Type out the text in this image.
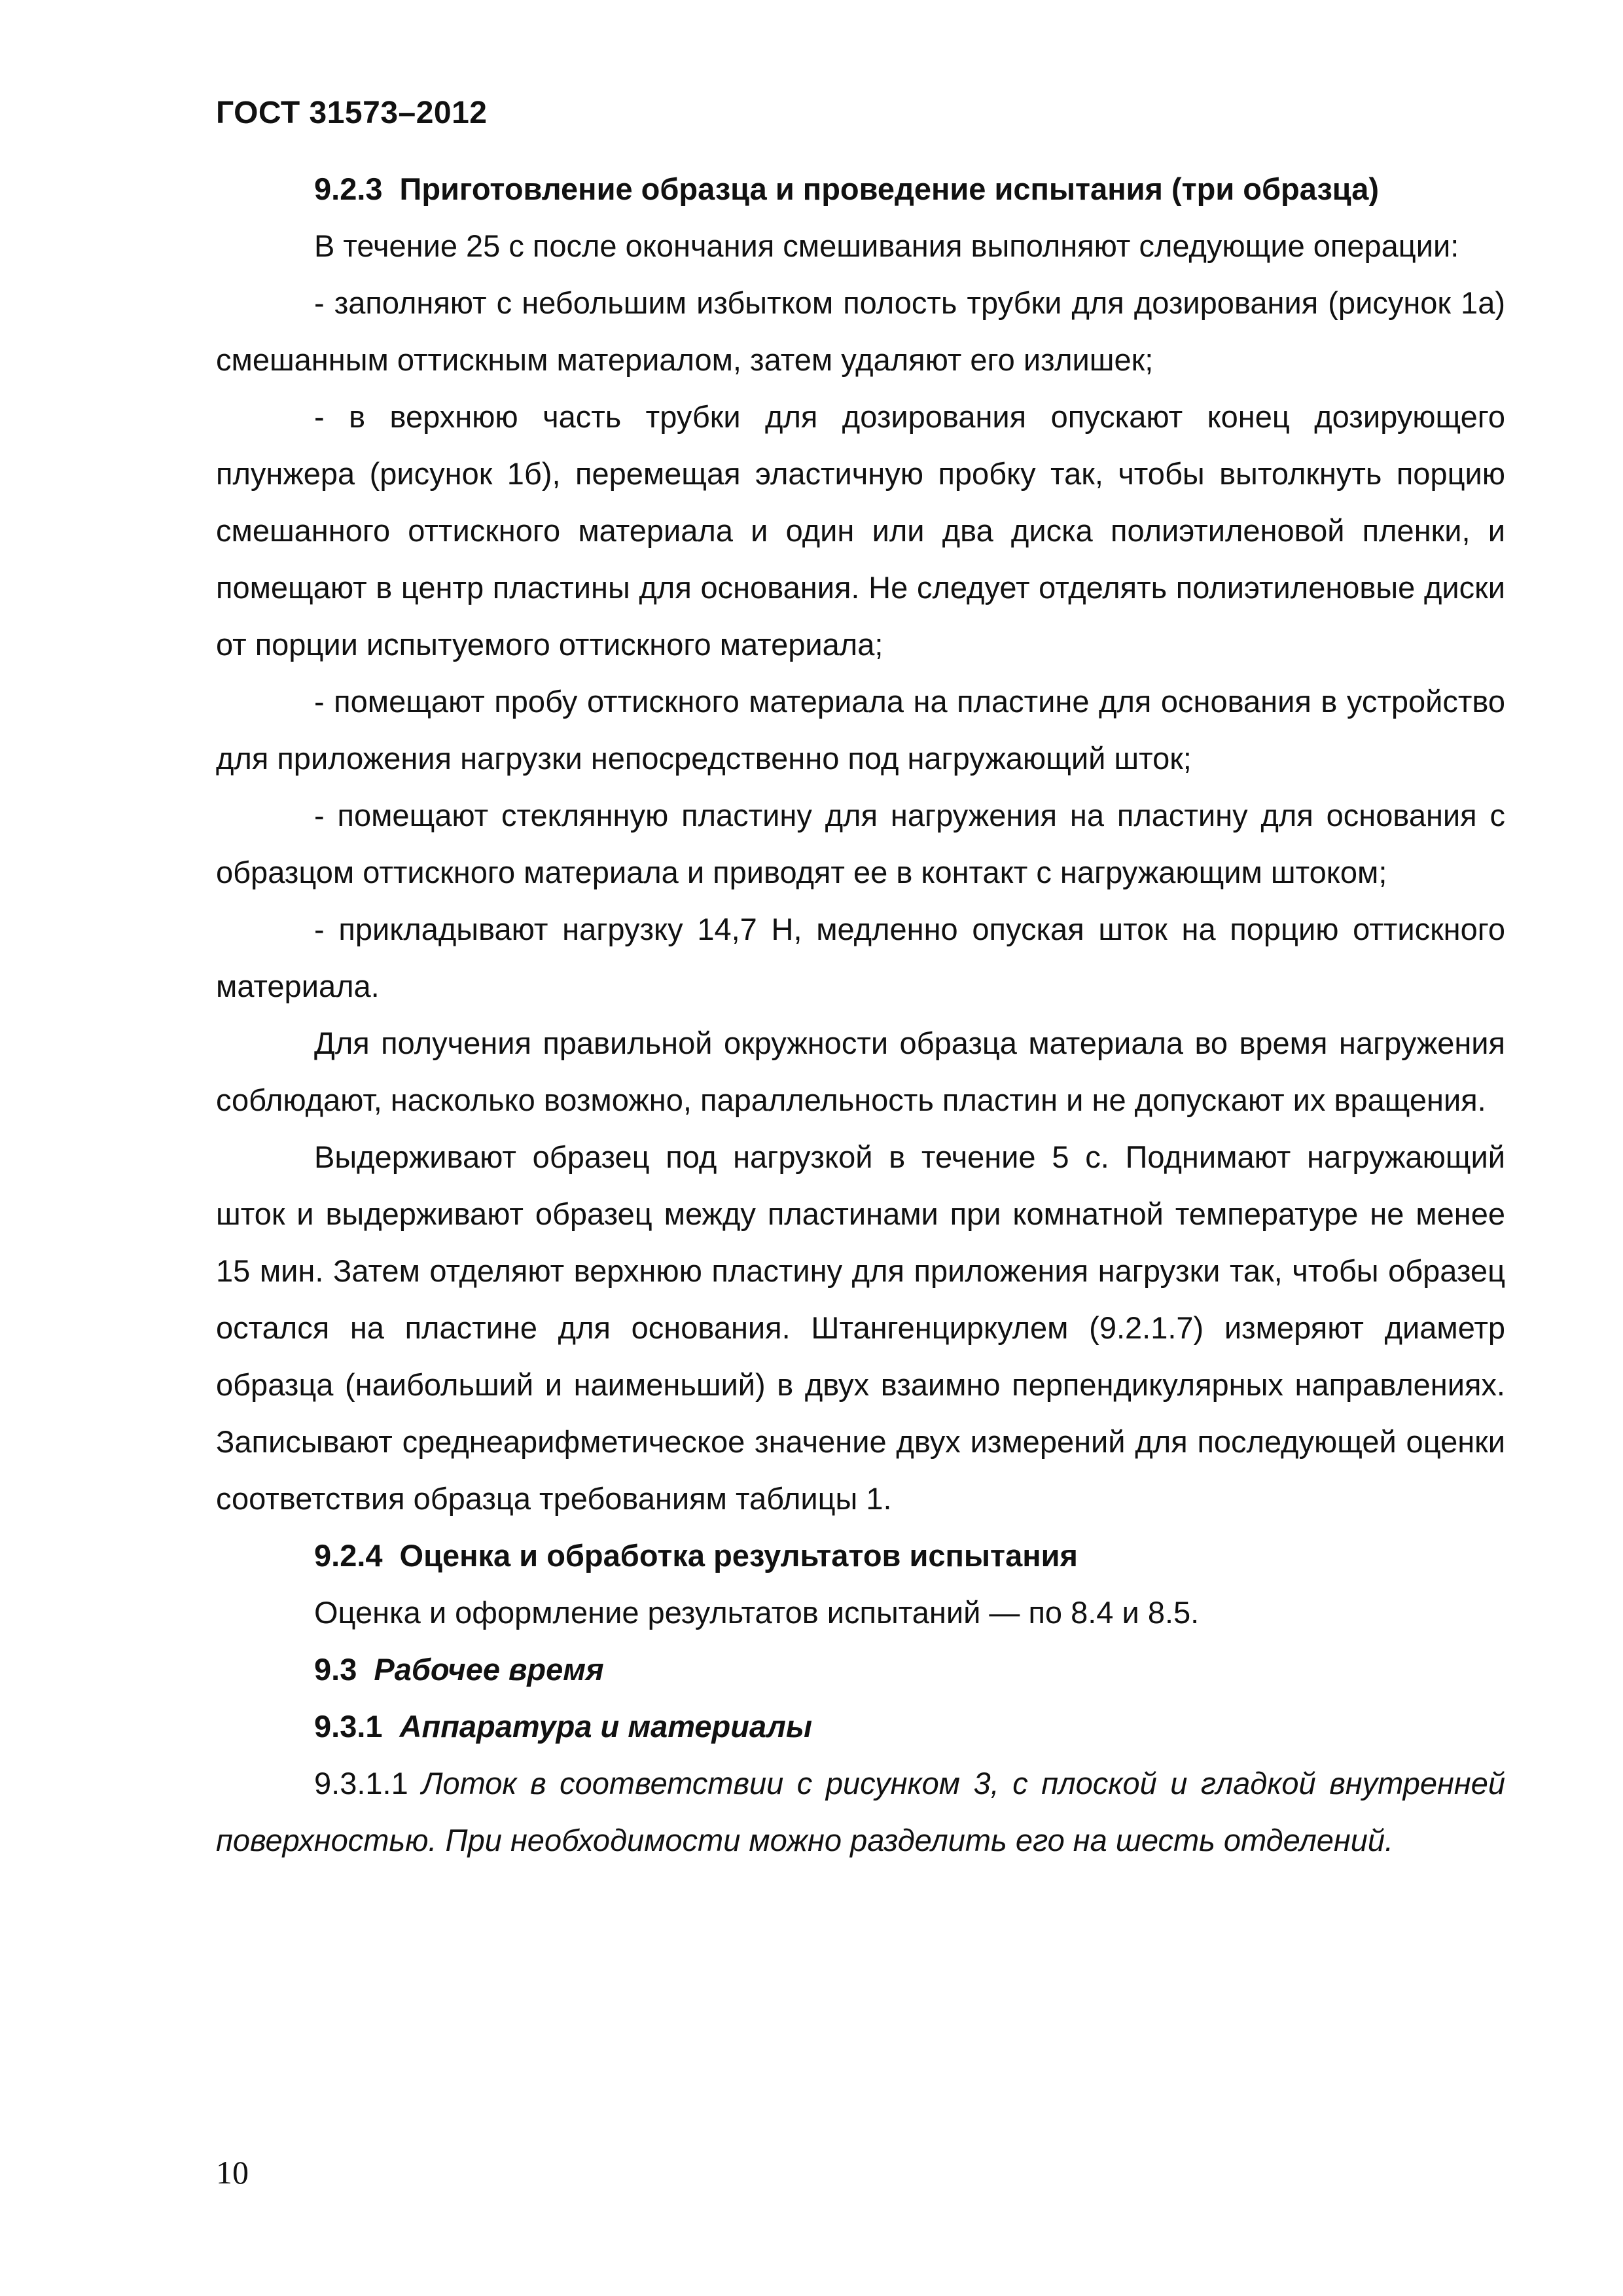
ГОСТ 31573–2012

9.2.3 Приготовление образца и проведение испытания (три образца)

В течение 25 с после окончания смешивания выполняют следующие операции:

- заполняют с небольшим избытком полость трубки для дозирования (рисунок 1а) смешанным оттискным материалом, затем удаляют его излишек;

- в верхнюю часть трубки для дозирования опускают конец дозирующего плунжера (рисунок 1б), перемещая эластичную пробку так, чтобы вытолкнуть порцию смешанного оттискного материала и один или два диска полиэтиленовой пленки, и помещают в центр пластины для основания. Не следует отделять полиэтиленовые диски от порции испытуемого оттискного материала;

- помещают пробу оттискного материала на пластине для основания в устройство для приложения нагрузки непосредственно под нагружающий шток;

- помещают стеклянную пластину для нагружения на пластину для основания с образцом оттискного материала и приводят ее в контакт с нагружающим штоком;

- прикладывают нагрузку 14,7 Н, медленно опуская шток на порцию оттискного материала.

Для получения правильной окружности образца материала во время нагружения соблюдают, насколько возможно, параллельность пластин и не допускают их вращения.

Выдерживают образец под нагрузкой в течение 5 с. Поднимают нагружающий шток и выдерживают образец между пластинами при комнатной температуре не менее 15 мин. Затем отделяют верхнюю пластину для приложения нагрузки так, чтобы образец остался на пластине для основания. Штангенциркулем (9.2.1.7) измеряют диаметр образца (наибольший и наименьший) в двух взаимно перпендикулярных направлениях. Записывают среднеарифметическое значение двух измерений для последующей оценки соответствия образца требованиям таблицы 1.

9.2.4 Оценка и обработка результатов испытания

Оценка и оформление результатов испытаний — по 8.4 и 8.5.

9.3 Рабочее время

9.3.1 Аппаратура и материалы

9.3.1.1 Лоток в соответствии с рисунком 3, с плоской и гладкой внутренней поверхностью. При необходимости можно разделить его на шесть отделений.

10
